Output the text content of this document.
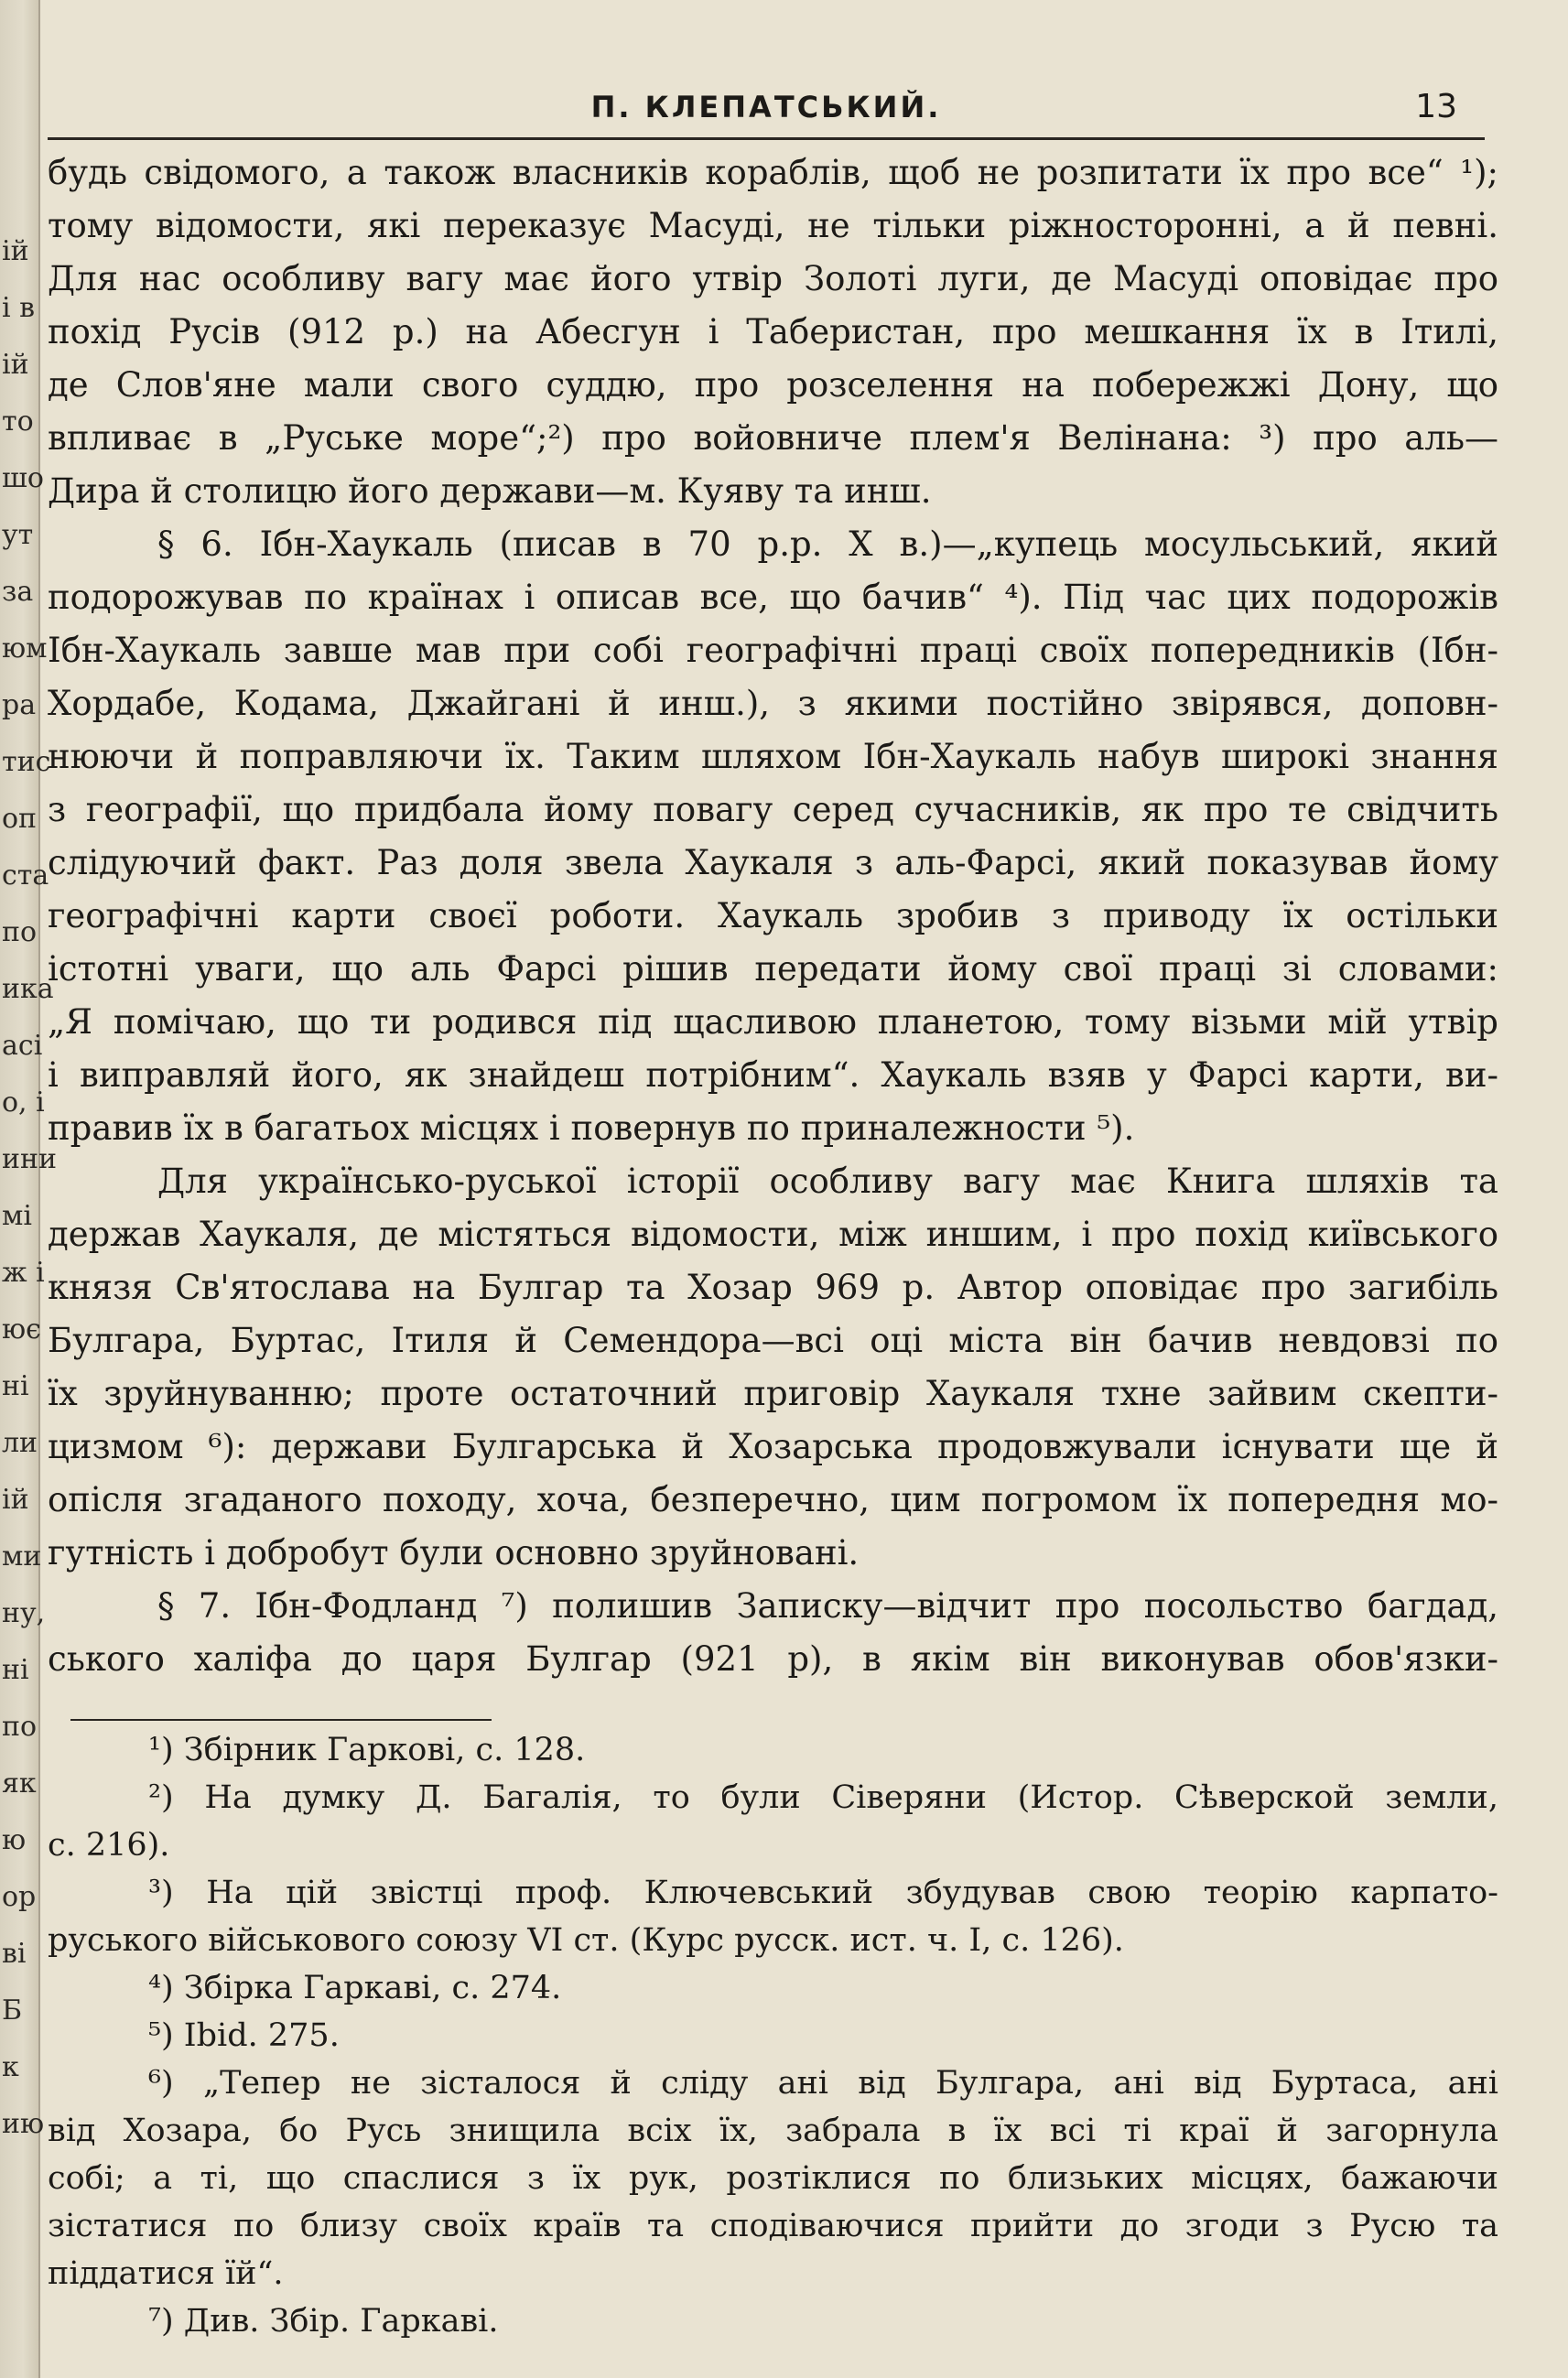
ій
і в
ій
то
шо
ут
за
юм
ра
тис
оп
ста
по
ика
асі
о, і
ини
мі
ж і
ює
ні
ли
ій
ми
ну,
ні
по
як
ю
ор
ві
Б
к
ию
П. КЛЕПАТСЬКИЙ.	13
будь свідомого, а також власників кораблів, щоб не розпитати їх про все“ ¹);
тому відомости, які переказує Масуді, не тільки ріжносторонні, а й певні.
Для нас особливу вагу має його утвір Золоті луги, де Масуді оповідає про
похід Русів (912 р.) на Абесгун і Таберистан, про мешкання їх в Ітилі,
де Слов'яне мали свого суддю, про розселення на побережжі Дону, що
впливає в „Руське море“;²) про войовниче плем'я Велінана: ³) про аль—
Дира й столицю його держави—м. Куяву та инш.
§ 6. Ібн-Хаукаль (писав в 70 р.р. Х в.)—„купець мосульський, який
подорожував по країнах і описав все, що бачив“ ⁴). Під час цих подорожів
Ібн-Хаукаль завше мав при собі географічні праці своїх попередників (Ібн-
Хордабе, Кодама, Джайгані й инш.), з якими постійно звірявся, доповн-
нюючи й поправляючи їх. Таким шляхом Ібн-Хаукаль набув широкі знання
з географії, що придбала йому повагу серед сучасників, як про те свідчить
слідуючий факт. Раз доля звела Хаукаля з аль-Фарсі, який показував йому
географічні карти своєї роботи. Хаукаль зробив з приводу їх остільки
істотні уваги, що аль Фарсі рішив передати йому свої праці зі словами:
„Я помічаю, що ти родився під щасливою планетою, тому візьми мій утвір
і виправляй його, як знайдеш потрібним“. Хаукаль взяв у Фарсі карти, ви-
правив їх в багатьох місцях і повернув по приналежности ⁵).
Для українсько-руської історії особливу вагу має Книга шляхів та
держав Хаукаля, де містяться відомости, між иншим, і про похід київського
князя Св'ятослава на Булгар та Хозар 969 р. Автор оповідає про загибіль
Булгара, Буртас, Ітиля й Семендора—всі оці міста він бачив невдовзі по
їх зруйнуванню; проте остаточний приговір Хаукаля тхне зайвим скепти-
цизмом ⁶): держави Булгарська й Хозарська продовжували існувати ще й
опісля згаданого походу, хоча, безперечно, цим погромом їх попередня мо-
гутність і добробут були основно зруйновані.
§ 7. Ібн-Фодланд ⁷) полишив Записку—відчит про посольство багдад,
ського халіфа до царя Булгар (921 р), в якім він виконував обов'язки-
¹) Збірник Гаркові, с. 128.
²) На думку Д. Багалія, то були Сіверяни (Истор. Сѣверской земли,
с. 216).
³) На цій звістці проф. Ключевський збудував свою теорію карпато-
руського військового союзу VI ст. (Курс русск. ист. ч. I, с. 126).
⁴) Збірка Гаркаві, с. 274.
⁵) Ibid. 275.
⁶) „Тепер не зісталося й сліду ані від Булгара, ані від Буртаса, ані
від Хозара, бо Русь знищила всіх їх, забрала в їх всі ті краї й загорнула
собі; а ті, що спаслися з їх рук, розтіклися по близьких місцях, бажаючи
зістатися по близу своїх країв та сподіваючися прийти до згоди з Русю та
піддатися їй“.
⁷) Див. Збір. Гаркаві.
